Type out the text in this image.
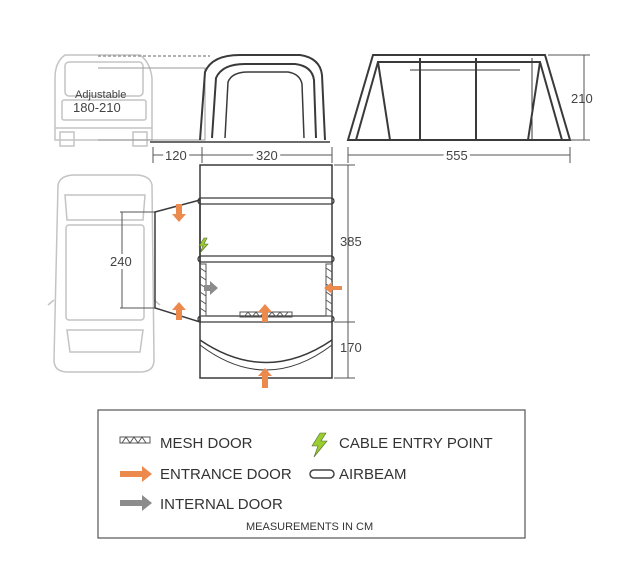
Adjustable
180-210
210
555
120	320
240
385
170
MESH DOOR
ENTRANCE DOOR
INTERNAL DOOR
CABLE ENTRY POINT
AIRBEAM
MEASUREMENTS IN CM
